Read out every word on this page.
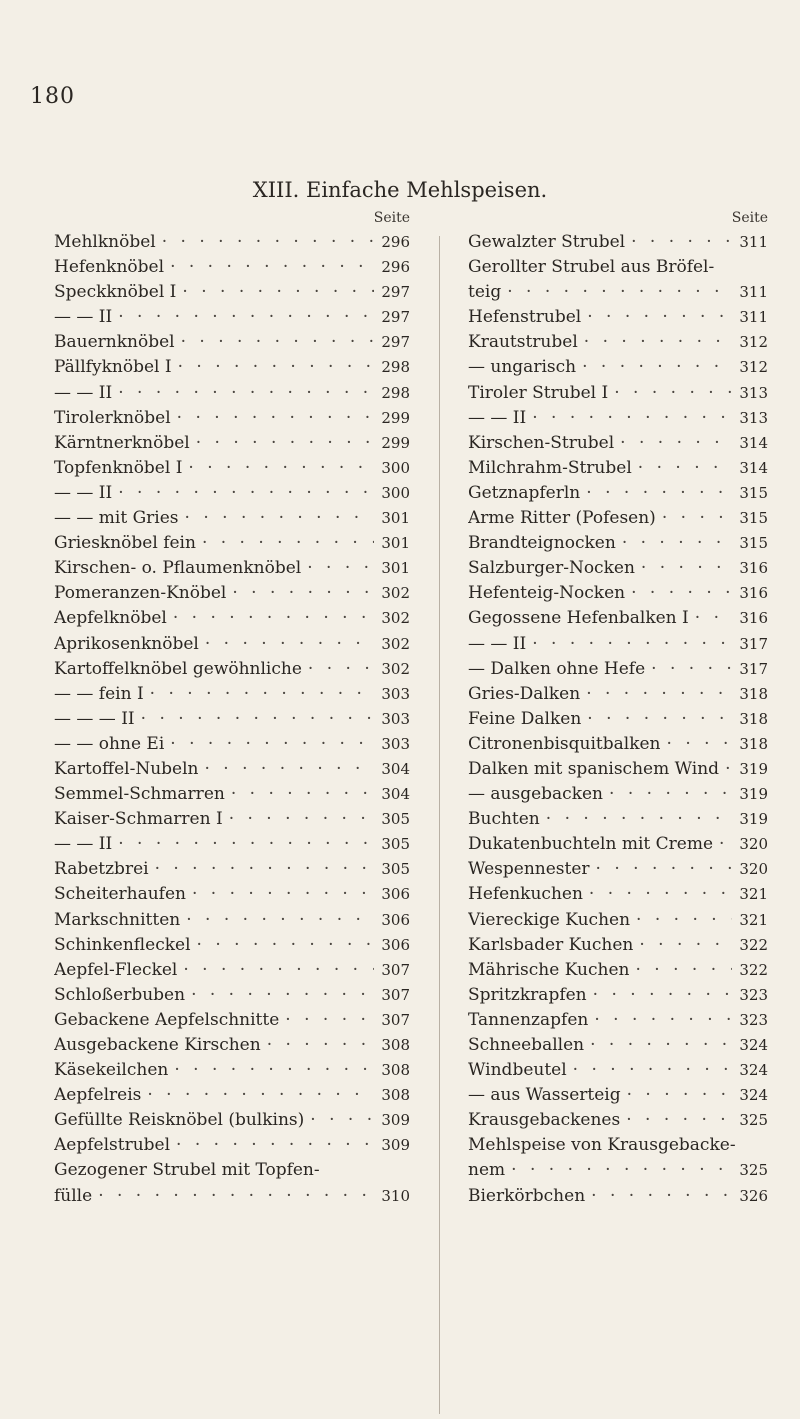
180
XIII. Einfache Mehlspeisen.
Seite
Mehlknöbel · · ·	296
Hefenknöbel · · ·	296
Speckknöbel I · · ·	297
— — II · · ·	297
Bauernknöbel · · ·	297
Pällfyknöbel I · · ·	298
— — II · · ·	298
Tirolerknöbel · · ·	299
Kärntnerknöbel · · ·	299
Topfenknöbel I · · ·	300
— — II · · ·	300
— — mit Gries · · ·	301
Griesknöbel fein · · ·	301
Kirschen- o. Pflaumenknöbel · · ·	301
Pomeranzen-Knöbel · · ·	302
Aepfelknöbel · · ·	302
Aprikosenknöbel · · ·	302
Kartoffelknöbel gewöhnliche · · ·	302
— — fein I · · ·	303
— — — II · · ·	303
— — ohne Ei · · ·	303
Kartoffel-Nubeln · · ·	304
Semmel-Schmarren · · ·	304
Kaiser-Schmarren I · · ·	305
— — II · · ·	305
Rabetzbrei · · ·	305
Scheiterhaufen · · ·	306
Markschnitten · · ·	306
Schinkenfleckel · · ·	306
Aepfel-Fleckel · · ·	307
Schloßerbuben · · ·	307
Gebackene Aepfelschnitte · · ·	307
Ausgebackene Kirschen · · ·	308
Käsekeilchen · · ·	308
Aepfelreis · · ·	308
Gefüllte Reisknöbel (bulkins) · · ·	309
Aepfelstrubel · · ·	309
Gezogener Strubel mit Topfen-
fülle · · ·	310
Seite
Gewalzter Strubel · · ·	311
Gerollter Strubel aus Bröfel-
teig · · ·	311
Hefenstrubel · · ·	311
Krautstrubel · · ·	312
— ungarisch · · ·	312
Tiroler Strubel I · · ·	313
— — II · · ·	313
Kirschen-Strubel · · ·	314
Milchrahm-Strubel · · ·	314
Getznapferln · · ·	315
Arme Ritter (Pofesen) · · ·	315
Brandteignocken · · ·	315
Salzburger-Nocken · · ·	316
Hefenteig-Nocken · · ·	316
Gegossene Hefenbalken I · · ·	316
— — II · · ·	317
— Dalken ohne Hefe · · ·	317
Gries-Dalken · · ·	318
Feine Dalken · · ·	318
Citronenbisquitbalken · · ·	318
Dalken mit spanischem Wind · · · 319
— ausgebacken · · ·	319
Buchten · · ·	319
Dukatenbuchteln mit Creme · · · 320
Wespennester · · ·	320
Hefenkuchen · · ·	321
Viereckige Kuchen · · ·	321
Karlsbader Kuchen · · ·	322
Mährische Kuchen · · ·	322
Spritzkrapfen · · ·	323
Tannenzapfen · · ·	323
Schneeballen · · ·	324
Windbeutel · · ·	324
— aus Wasserteig · · ·	324
Krausgebackenes · · ·	325
Mehlspeise von Krausgebacke-
nem · · ·	325
Bierkörbchen · · ·	326
